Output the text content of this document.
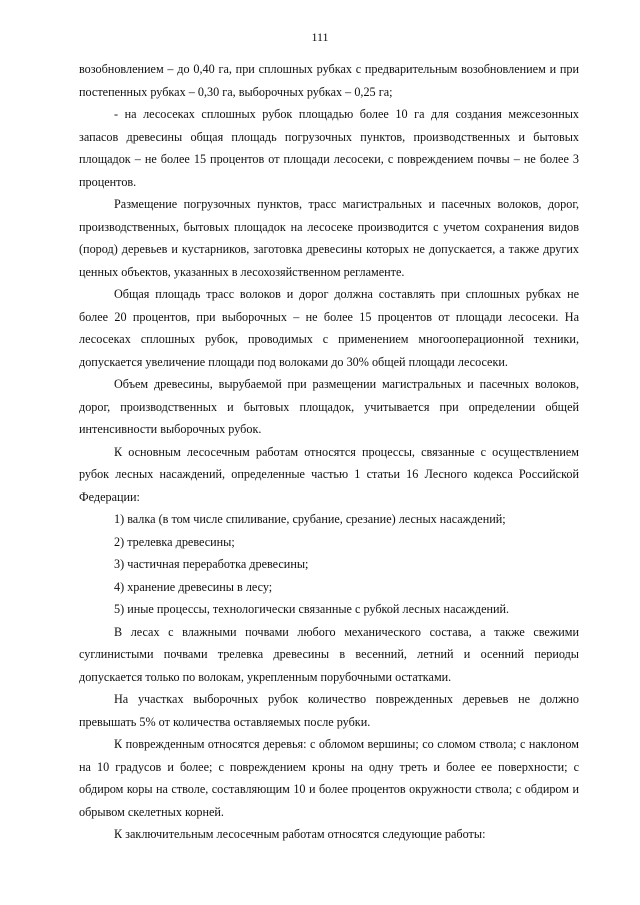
111

возобновлением – до 0,40 га, при сплошных рубках с предварительным возобновлением и при постепенных рубках – 0,30 га, выборочных рубках – 0,25 га;

- на лесосеках сплошных рубок площадью более 10 га для создания межсезонных запасов древесины общая площадь погрузочных пунктов, производственных и бытовых площадок – не более 15 процентов от площади лесосеки, с повреждением почвы – не более 3 процентов.

Размещение погрузочных пунктов, трасс магистральных и пасечных волоков, дорог, производственных, бытовых площадок на лесосеке производится с учетом сохранения видов (пород) деревьев и кустарников, заготовка древесины которых не допускается, а также других ценных объектов, указанных в лесохозяйственном регламенте.

Общая площадь трасс волоков и дорог должна составлять при сплошных рубках не более 20 процентов, при выборочных – не более 15 процентов от площади лесосеки. На лесосеках сплошных рубок, проводимых с применением многооперационной техники, допускается увеличение площади под волоками до 30% общей площади лесосеки.

Объем древесины, вырубаемой при размещении магистральных и пасечных волоков, дорог, производственных и бытовых площадок, учитывается при определении общей интенсивности выборочных рубок.

К основным лесосечным работам относятся процессы, связанные с осуществлением рубок лесных насаждений, определенные частью 1 статьи 16 Лесного кодекса Российской Федерации:

1) валка (в том числе спиливание, срубание, срезание) лесных насаждений;

2) трелевка древесины;

3) частичная переработка древесины;

4) хранение древесины в лесу;

5) иные процессы, технологически связанные с рубкой лесных насаждений.

В лесах с влажными почвами любого механического состава, а также свежими суглинистыми почвами трелевка древесины в весенний, летний и осенний периоды допускается только по волокам, укрепленным порубочными остатками.

На участках выборочных рубок количество поврежденных деревьев не должно превышать 5% от количества оставляемых после рубки.

К поврежденным относятся деревья: с обломом вершины; со сломом ствола; с наклоном на 10 градусов и более; с повреждением кроны на одну треть и более ее поверхности; с обдиром коры на стволе, составляющим 10 и более процентов окружности ствола; с обдиром и обрывом скелетных корней.

К заключительным лесосечным работам относятся следующие работы:
